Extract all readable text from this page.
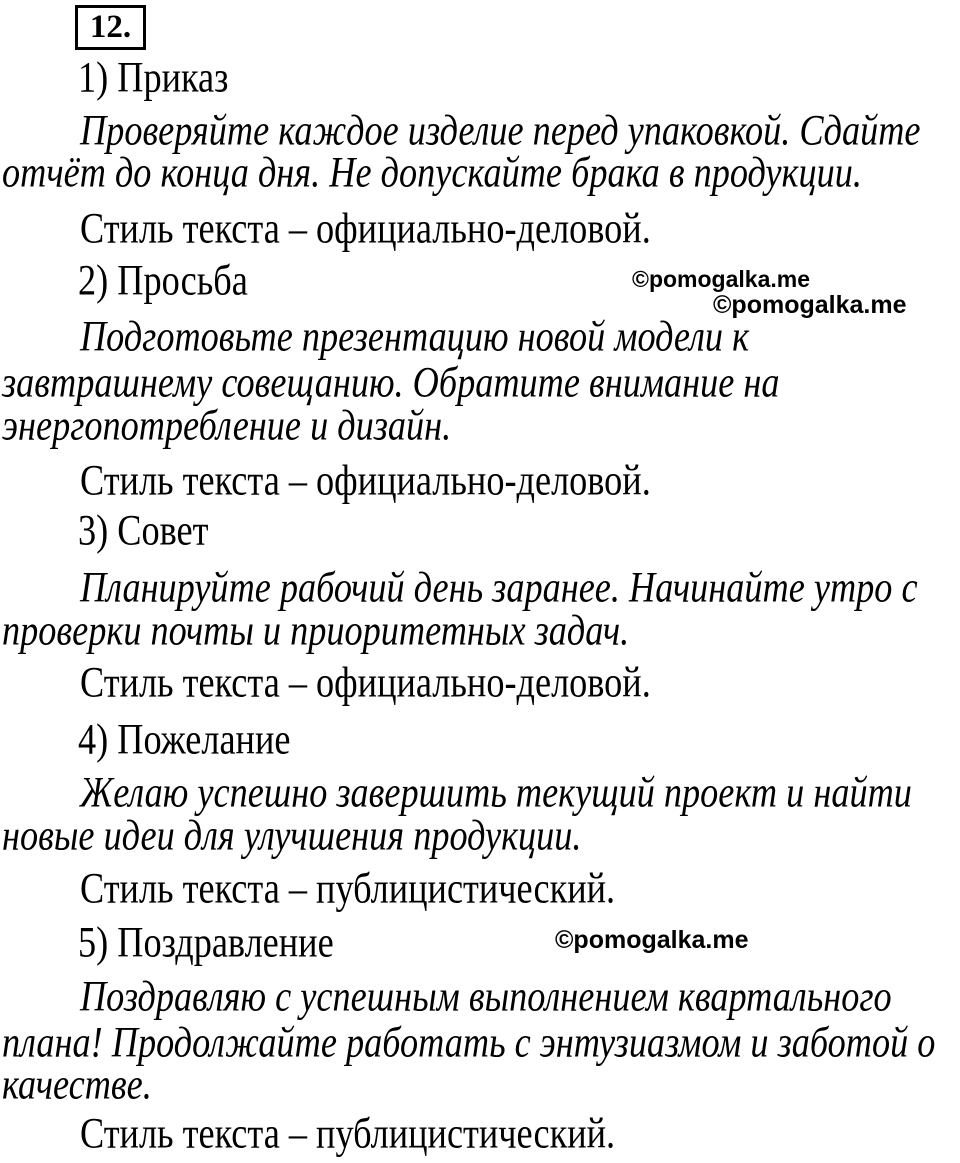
12.
1) Приказ
Проверяйте каждое изделие перед упаковкой. Сдайте
отчёт до конца дня. Не допускайте брака в продукции.
Стиль текста – официально-деловой.
2) Просьба	©pomogalka.me
©pomogalka.me
Подготовьте презентацию новой модели к
завтрашнему совещанию. Обратите внимание на
энергопотребление и дизайн.
Стиль текста – официально-деловой.
3) Совет
Планируйте рабочий день заранее. Начинайте утро с
проверки почты и приоритетных задач.
Стиль текста – официально-деловой.
4) Пожелание
Желаю успешно завершить текущий проект и найти
новые идеи для улучшения продукции.
Стиль текста – публицистический.
5) Поздравление	©pomogalka.me
Поздравляю с успешным выполнением квартального
плана! Продолжайте работать с энтузиазмом и заботой о
качестве.
Стиль текста – публицистический.
